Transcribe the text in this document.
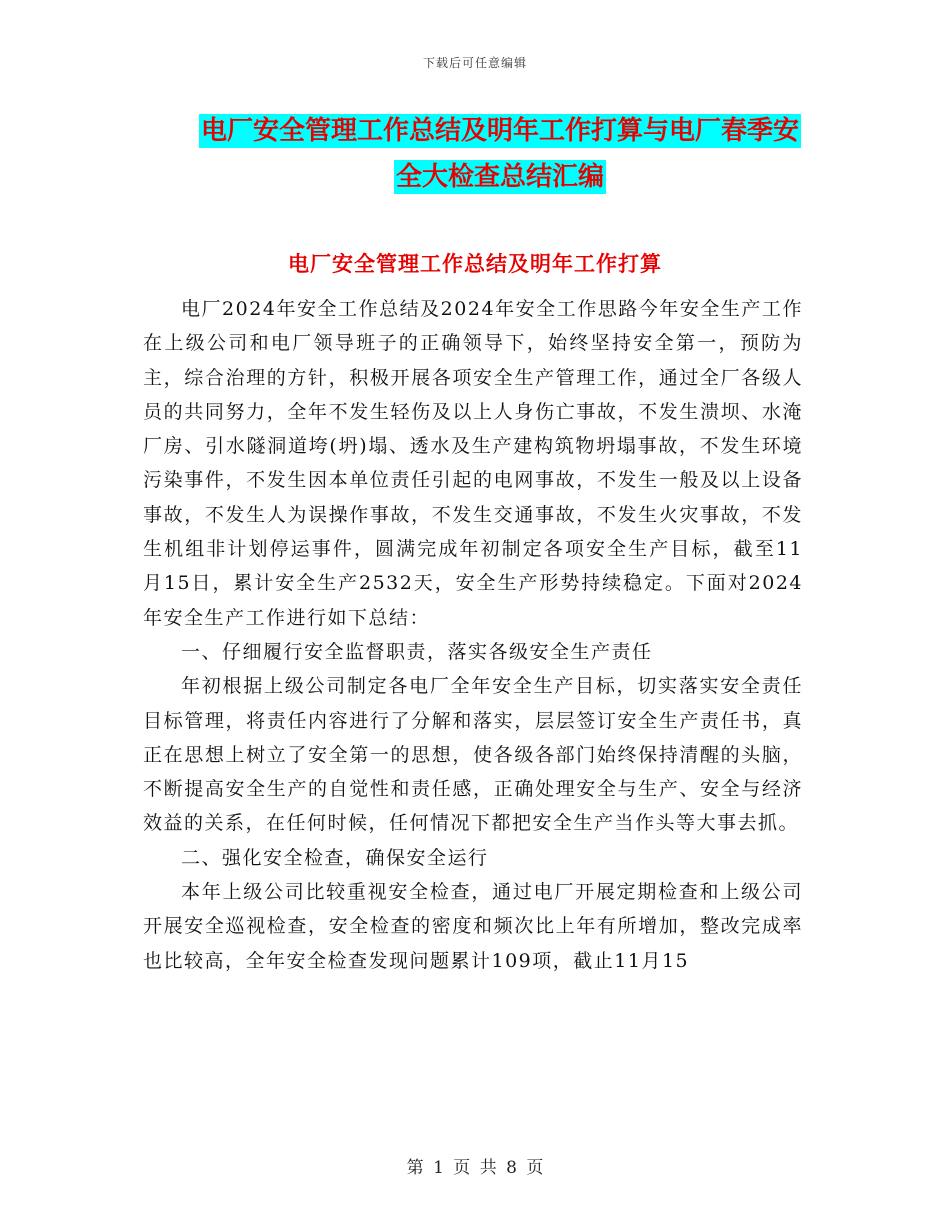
下载后可任意编辑
电厂安全管理工作总结及明年工作打算与电厂春季安
全大检查总结汇编
电厂安全管理工作总结及明年工作打算

电厂2024年安全工作总结及2024年安全工作思路今年安全生产工作在上级公司和电厂领导班子的正确领导下，始终坚持安全第一，预防为主，综合治理的方针，积极开展各项安全生产管理工作，通过全厂各级人员的共同努力，全年不发生轻伤及以上人身伤亡事故，不发生溃坝、水淹厂房、引水隧洞道垮(坍)塌、透水及生产建构筑物坍塌事故，不发生环境污染事件，不发生因本单位责任引起的电网事故，不发生一般及以上设备事故，不发生人为误操作事故，不发生交通事故，不发生火灾事故，不发生机组非计划停运事件，圆满完成年初制定各项安全生产目标，截至11月15日，累计安全生产2532天，安全生产形势持续稳定。下面对2024年安全生产工作进行如下总结：

一、仔细履行安全监督职责，落实各级安全生产责任

年初根据上级公司制定各电厂全年安全生产目标，切实落实安全责任目标管理，将责任内容进行了分解和落实，层层签订安全生产责任书，真正在思想上树立了安全第一的思想，使各级各部门始终保持清醒的头脑，不断提高安全生产的自觉性和责任感，正确处理安全与生产、安全与经济效益的关系，在任何时候，任何情况下都把安全生产当作头等大事去抓。

二、强化安全检查，确保安全运行

本年上级公司比较重视安全检查，通过电厂开展定期检查和上级公司开展安全巡视检查，安全检查的密度和频次比上年有所增加，整改完成率也比较高，全年安全检查发现问题累计109项，截止11月15

第 1 页 共 8 页
